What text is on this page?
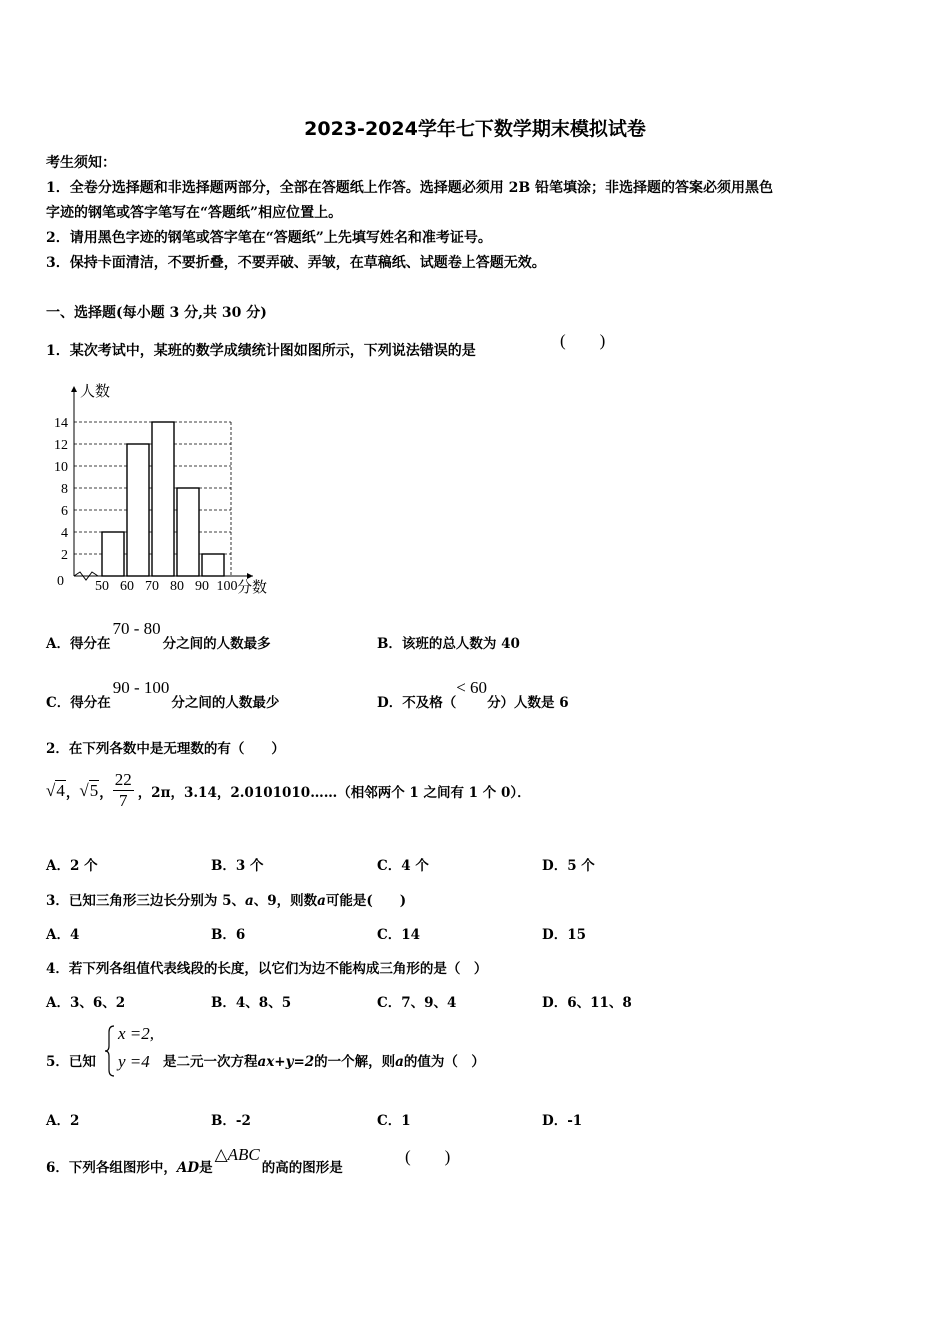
2023-2024学年七下数学期末模拟试卷
考生须知：
1．全卷分选择题和非选择题两部分，全部在答题纸上作答。选择题必须用 2B 铅笔填涂；非选择题的答案必须用黑色
字迹的钢笔或答字笔写在“答题纸”相应位置上。
2．请用黑色字迹的钢笔或答字笔在“答题纸”上先填写姓名和准考证号。
3．保持卡面清洁，不要折叠，不要弄破、弄皱，在草稿纸、试题卷上答题无效。
一、选择题(每小题 3 分,共 30 分)
1．某次考试中，某班的数学成绩统计图如图所示，下列说法错误的是
(　　)
2
4
6
8
10
12
14
0 50 60 70 80 90 100
人数
分数
A．得分在70 - 80分之间的人数最多	B．该班的总人数为 40
C．得分在90 - 100分之间的人数最少	D．不及格（< 60分）人数是 6
2．在下列各数中是无理数的有（　　）
√4 ， √5 ， $\frac{22}{7}$ ，2π，3.14，2.0101010……（相邻两个 1 之间有 1 个 0）．
A．2 个	B．3 个	C．4 个	D．5 个
3．已知三角形三边长分别为 5、a、9，则数a可能是(　　)
A．4	B．6	C．14	D．15
4．若下列各组值代表线段的长度，以它们为边不能构成三角形的是（　）
A．3、6、2	B．4、8、5	C．7、9、4	D．6、11、8
5．已知
x =2,
y =4 是二元一次方程ax+y=2的一个解，则a的值为（　）
A．2	B．-2	C．1	D．-1
6．下列各组图形中，AD是△ABC的高的图形是
(　　)
